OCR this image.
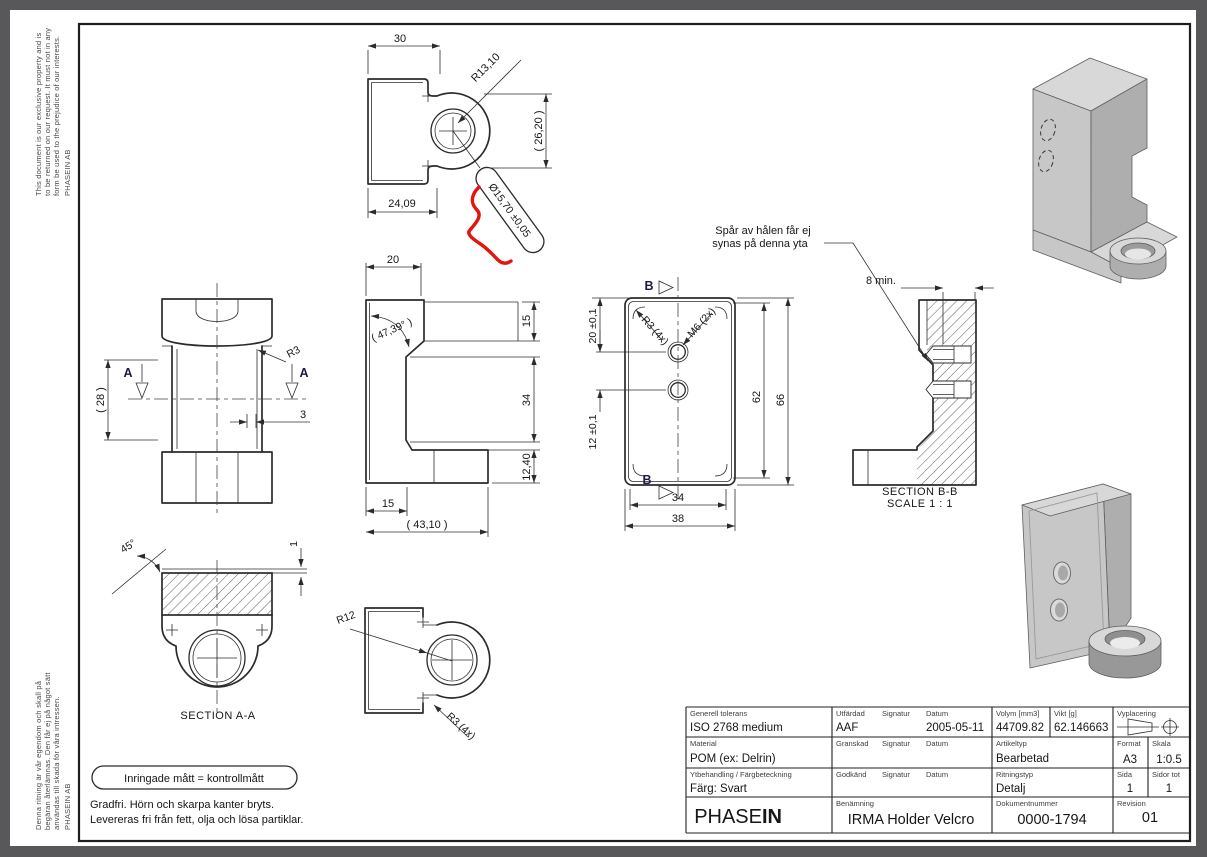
This document is our exclusive property and is to be returned on our request. It must not in any form be used to the prejudice of our interests. PHASEIN AB
Denna ritning är vår egendom och skall på begäran återlämnas. Den får ej på något sätt användas till skada för våra intressen. PHASEIN AB
30
R13,10
( 26,20 )
24,09	Ø15,70 ±0,05
A	A
( 28 )
R3
3
20
( 47,39° )	15
34
12,40
15
( 43,10 )
B
B
20 ±0,1
12 ±0,1
62 66
34
38
R3 (4x) M6 (2x)
Spår av hålen får ej
synas på denna yta
8 min.
SECTION B-B
SCALE 1 : 1
1
45°
SECTION A-A
R12
R3 (4x)
Inringade mått = kontrollmått
Gradfri. Hörn och skarpa kanter bryts.
Levereras fri från fett, olja och lösa partiklar.
Generell tolerans
ISO 2768 medium
Utfärdad Signatur Datum
AAF	2005-05-11
Volym [mm3]
44709.82
Vikt [g]
62.146663
Vyplacering
Material
POM (ex: Delrin)
Granskad Signatur Datum	Artikeltyp
Bearbetad
Format
A3
Skala
1:0.5
Ytbehandling / Färgbeteckning
Färg: Svart
Godkänd Signatur Datum	Ritningstyp
Detalj
Sida
1
Sidor tot
1
PHASE IN
Benämning
IRMA Holder Velcro
Dokumentnummer
0000-1794
Revision
01
